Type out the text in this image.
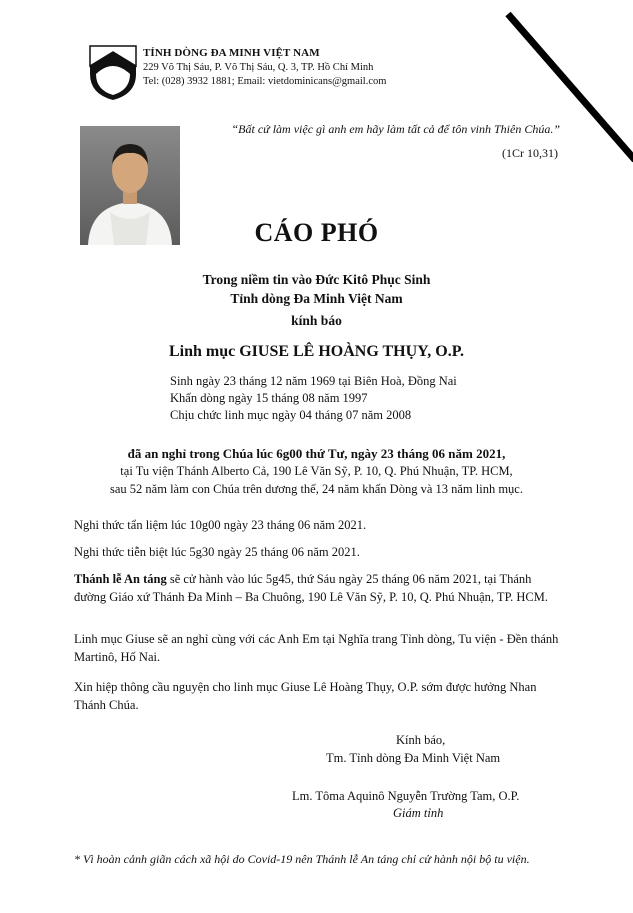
TỈNH DÒNG ĐA MINH VIỆT NAM
229 Võ Thị Sáu, P. Võ Thị Sáu, Q. 3, TP. Hồ Chí Minh
Tel: (028) 3932 1881; Email: vietdominicans@gmail.com
“Bất cứ làm việc gì anh em hãy làm tất cả để tôn vinh Thiên Chúa.”
(1Cr 10,31)
CÁO PHÓ
Trong niềm tin vào Đức Kitô Phục Sinh
Tỉnh dòng Đa Minh Việt Nam
kính báo
Linh mục GIUSE LÊ HOÀNG THỤY, O.P.
Sinh ngày 23 tháng 12 năm 1969 tại Biên Hoà, Đồng Nai
Khấn dòng ngày 15 tháng 08 năm 1997
Chịu chức linh mục ngày 04 tháng 07 năm 2008
đã an nghỉ trong Chúa lúc 6g00 thứ Tư, ngày 23 tháng 06 năm 2021,
tại Tu viện Thánh Alberto Cả, 190 Lê Văn Sỹ, P. 10, Q. Phú Nhuận, TP. HCM,
sau 52 năm làm con Chúa trên dương thế, 24 năm khấn Dòng và 13 năm linh mục.
Nghi thức tẩn liệm lúc 10g00 ngày 23 tháng 06 năm 2021.
Nghi thức tiễn biệt lúc 5g30 ngày 25 tháng 06 năm 2021.
Thánh lễ An táng sẽ cử hành vào lúc 5g45, thứ Sáu ngày 25 tháng 06 năm 2021, tại Thánh đường Giáo xứ Thánh Đa Minh – Ba Chuông, 190 Lê Văn Sỹ, P. 10, Q. Phú Nhuận, TP. HCM.
Linh mục Giuse sẽ an nghỉ cùng với các Anh Em tại Nghĩa trang Tỉnh dòng, Tu viện - Đền thánh Martinô, Hố Nai.
Xin hiệp thông cầu nguyện cho linh mục Giuse Lê Hoàng Thụy, O.P. sớm được hưởng Nhan Thánh Chúa.
Kính báo,
Tm. Tỉnh dòng Đa Minh Việt Nam
Lm. Tôma Aquinô Nguyễn Trường Tam, O.P.
Giám tỉnh
* Vì hoàn cảnh giãn cách xã hội do Covid-19 nên Thánh lễ An táng chỉ cử hành nội bộ tu viện.
